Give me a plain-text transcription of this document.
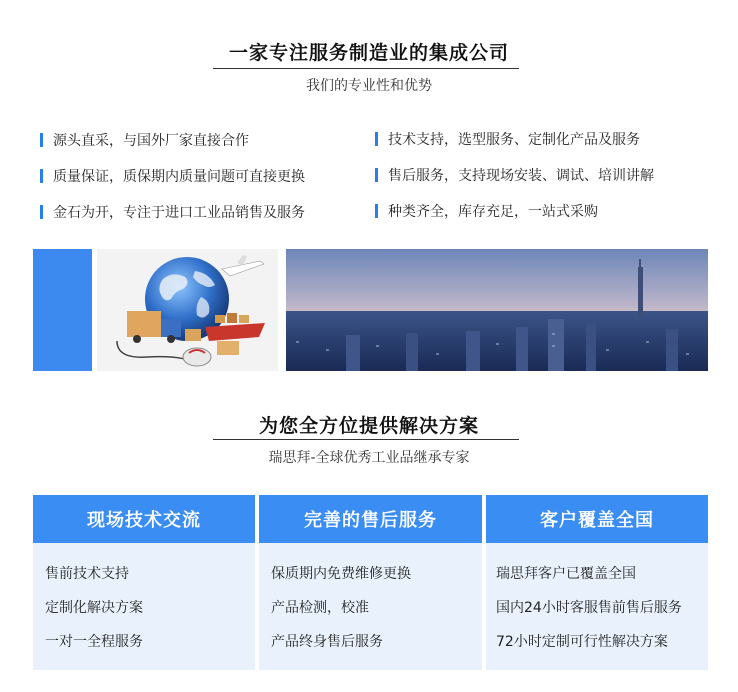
一家专注服务制造业的集成公司
我们的专业性和优势
源头直采，与国外厂家直接合作
质量保证，质保期内质量问题可直接更换
金石为开，专注于进口工业品销售及服务
技术支持，选型服务、定制化产品及服务
售后服务，支持现场安装、调试、培训讲解
种类齐全，库存充足，一站式采购
为您全方位提供解决方案
瑞思拜-全球优秀工业品继承专家
现场技术交流	完善的售后服务	客户覆盖全国
售前技术支持
定制化解决方案
一对一全程服务
保质期内免费维修更换
产品检测，校准
产品终身售后服务
瑞思拜客户已覆盖全国
国内24小时客服售前售后服务
72小时定制可行性解决方案
